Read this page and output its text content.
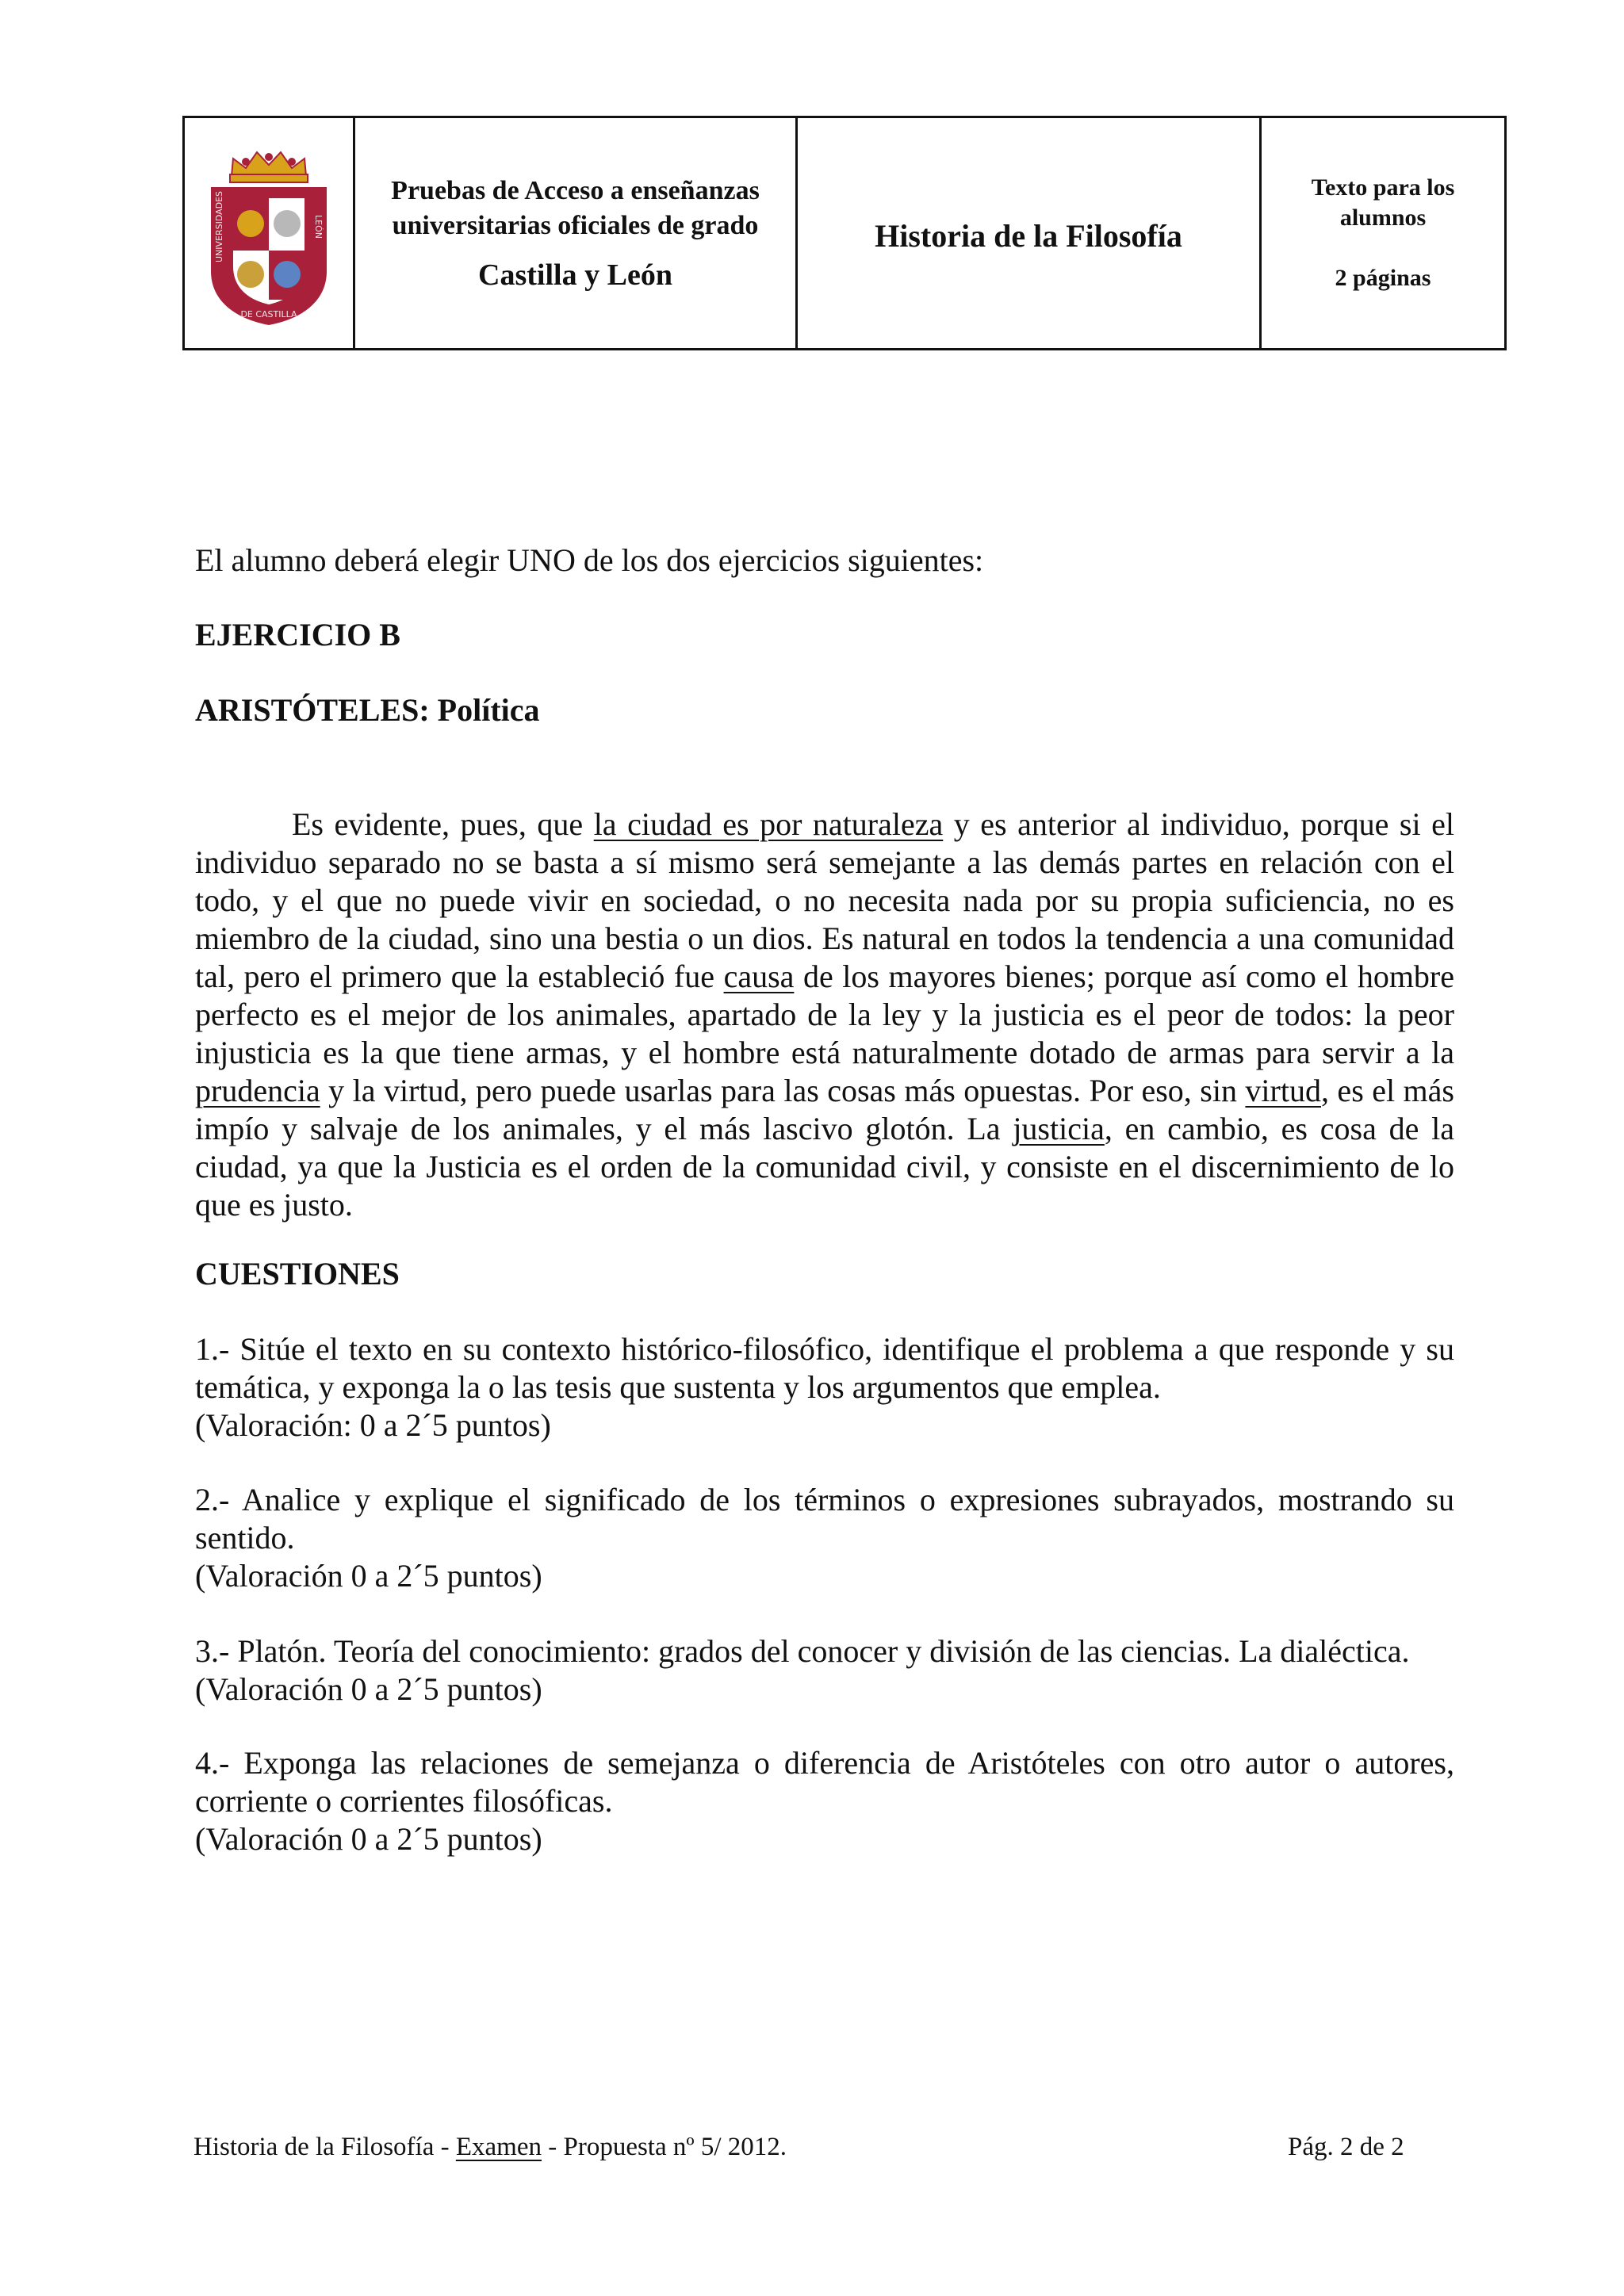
UNIVERSIDADES	LEÓN
DE CASTILLA
Pruebas de Acceso a enseñanzas
universitarias oficiales de grado
Castilla y León
Historia de la Filosofía
Texto para los
alumnos
2 páginas
El alumno deberá elegir UNO de los dos ejercicios siguientes:
EJERCICIO B
ARISTÓTELES: Política
Es evidente, pues, que la ciudad es por naturaleza y es anterior al individuo, porque si el individuo separado no se basta a sí mismo será semejante a las demás partes en relación con el todo, y el que no puede vivir en sociedad, o no necesita nada por su propia suficiencia, no es miembro de la ciudad, sino una bestia o un dios. Es natural en todos la tendencia a una comunidad tal, pero el primero que la estableció fue causa de los mayores bienes; porque así como el hombre perfecto es el mejor de los animales, apartado de la ley y la justicia es el peor de todos: la peor injusticia es la que tiene armas, y el hombre está naturalmente dotado de armas para servir a la prudencia y la virtud, pero puede usarlas para las cosas más opuestas. Por eso, sin virtud, es el más impío y salvaje de los animales, y el más lascivo glotón. La justicia, en cambio, es cosa de la ciudad, ya que la Justicia es el orden de la comunidad civil, y consiste en el discernimiento de lo que es justo.
CUESTIONES
1.- Sitúe el texto en su contexto histórico-filosófico, identifique el problema a que responde y su temática, y exponga la o las tesis que sustenta y los argumentos que emplea.
(Valoración: 0 a 2´5 puntos)
2.- Analice y explique el significado de los términos o expresiones subrayados, mostrando su sentido.
(Valoración 0 a 2´5 puntos)
3.- Platón. Teoría del conocimiento: grados del conocer y división de las ciencias. La dialéctica.
(Valoración 0 a 2´5 puntos)
4.- Exponga las relaciones de semejanza o diferencia de Aristóteles con otro autor o autores, corriente o corrientes filosóficas.
(Valoración 0 a 2´5 puntos)
Historia de la Filosofía - Examen - Propuesta nº 5/ 2012.	Pág. 2 de 2
